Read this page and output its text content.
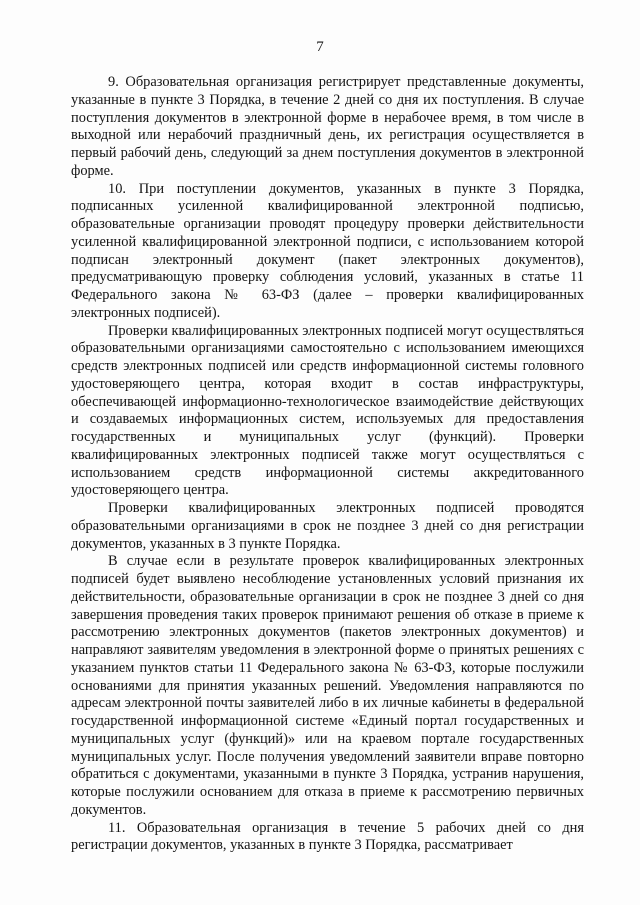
7

9. Образовательная организация регистрирует представленные документы, указанные в пункте 3 Порядка, в течение 2 дней со дня их поступления. В случае поступления документов в электронной форме в нерабочее время, в том числе в выходной или нерабочий праздничный день, их регистрация осуществляется в первый рабочий день, следующий за днем поступления документов в электронной форме.

10. При поступлении документов, указанных в пункте 3 Порядка, подписанных усиленной квалифицированной электронной подписью, образовательные организации проводят процедуру проверки действительности усиленной квалифицированной электронной подписи, с использованием которой подписан электронный документ (пакет электронных документов), предусматривающую проверку соблюдения условий, указанных в статье 11 Федерального закона № 63-ФЗ (далее – проверки квалифицированных электронных подписей).

Проверки квалифицированных электронных подписей могут осуществляться образовательными организациями самостоятельно с использованием имеющихся средств электронных подписей или средств информационной системы головного удостоверяющего центра, которая входит в состав инфраструктуры, обеспечивающей информационно-технологическое взаимодействие действующих и создаваемых информационных систем, используемых для предоставления государственных и муниципальных услуг (функций). Проверки квалифицированных электронных подписей также могут осуществляться с использованием средств информационной системы аккредитованного удостоверяющего центра.

Проверки квалифицированных электронных подписей проводятся образовательными организациями в срок не позднее 3 дней со дня регистрации документов, указанных в 3 пункте Порядка.

В случае если в результате проверок квалифицированных электронных подписей будет выявлено несоблюдение установленных условий признания их действительности, образовательные организации в срок не позднее 3 дней со дня завершения проведения таких проверок принимают решения об отказе в приеме к рассмотрению электронных документов (пакетов электронных документов) и направляют заявителям уведомления в электронной форме о принятых решениях с указанием пунктов статьи 11 Федерального закона № 63-ФЗ, которые послужили основаниями для принятия указанных решений. Уведомления направляются по адресам электронной почты заявителей либо в их личные кабинеты в федеральной государственной информационной системе «Единый портал государственных и муниципальных услуг (функций)» или на краевом портале государственных муниципальных услуг. После получения уведомлений заявители вправе повторно обратиться с документами, указанными в пункте 3 Порядка, устранив нарушения, которые послужили основанием для отказа в приеме к рассмотрению первичных документов.

11. Образовательная организация в течение 5 рабочих дней со дня регистрации документов, указанных в пункте 3 Порядка, рассматривает
